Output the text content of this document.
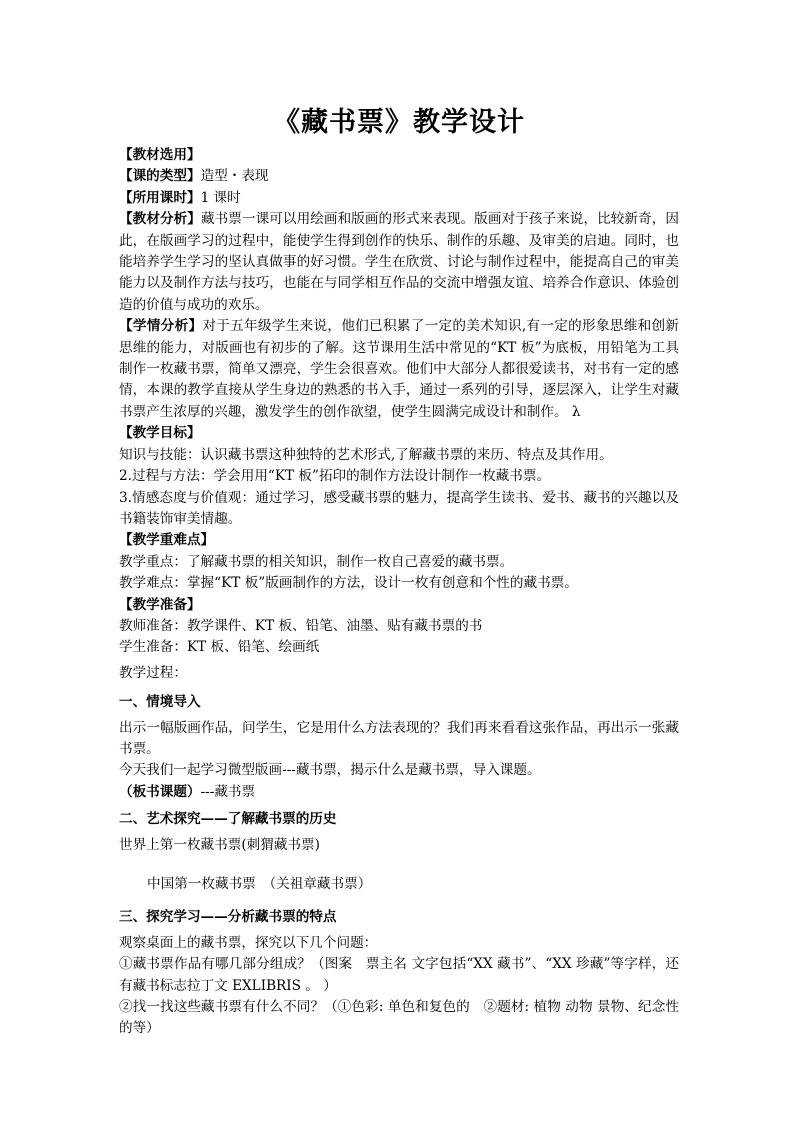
《藏书票》教学设计

【教材选用】

【课的类型】造型・表现

【所用课时】1 课时

【教材分析】藏书票一课可以用绘画和版画的形式来表现。版画对于孩子来说，比较新奇，因此，在版画学习的过程中，能使学生得到创作的快乐、制作的乐趣、及审美的启迪。同时，也能培养学生学习的坚认真做事的好习惯。学生在欣赏、讨论与制作过程中，能提高自己的审美能力以及制作方法与技巧，也能在与同学相互作品的交流中增强友谊、培养合作意识、体验创造的价值与成功的欢乐。

【学情分析】对于五年级学生来说，他们已积累了一定的美术知识,有一定的形象思维和创新思维的能力，对版画也有初步的了解。这节课用生活中常见的“KT 板”为底板，用铅笔为工具制作一枚藏书票，简单又漂亮，学生会很喜欢。他们中大部分人都很爱读书，对书有一定的感情，本课的教学直接从学生身边的熟悉的书入手，通过一系列的引导，逐层深入，让学生对藏书票产生浓厚的兴趣，激发学生的创作欲望，使学生圆满完成设计和制作。 λ

【教学目标】

知识与技能：认识藏书票这种独特的艺术形式,了解藏书票的来历、特点及其作用。

2.过程与方法：学会用用“KT 板”拓印的制作方法设计制作一枚藏书票。

3.情感态度与价值观：通过学习，感受藏书票的魅力，提高学生读书、爱书、藏书的兴趣以及书籍装饰审美情趣。

【教学重难点】

教学重点：了解藏书票的相关知识，制作一枚自己喜爱的藏书票。

教学难点：掌握“KT 板”版画制作的方法，设计一枚有创意和个性的藏书票。

【教学准备】

教师准备：教学课件、KT 板、铅笔、油墨、贴有藏书票的书

学生准备：KT 板、铅笔、绘画纸

教学过程：

一、情境导入

出示一幅版画作品，问学生，它是用什么方法表现的？我们再来看看这张作品，再出示一张藏书票。

今天我们一起学习微型版画---藏书票，揭示什么是藏书票，导入课题。

（板书课题）---藏书票

二、艺术探究——了解藏书票的历史

世界上第一枚藏书票(刺猬藏书票)

中国第一枚藏书票　（关祖章藏书票）

三、探究学习——分析藏书票的特点

观察桌面上的藏书票，探究以下几个问题：

①藏书票作品有哪几部分组成？（图案　票主名 文字包括“XX 藏书”、“XX 珍藏”等字样，还有藏书标志拉丁文 EXLIBRIS 。 ）

②找一找这些藏书票有什么不同？（①色彩: 单色和复色的　②题材: 植物 动物 景物、纪念性的等）
